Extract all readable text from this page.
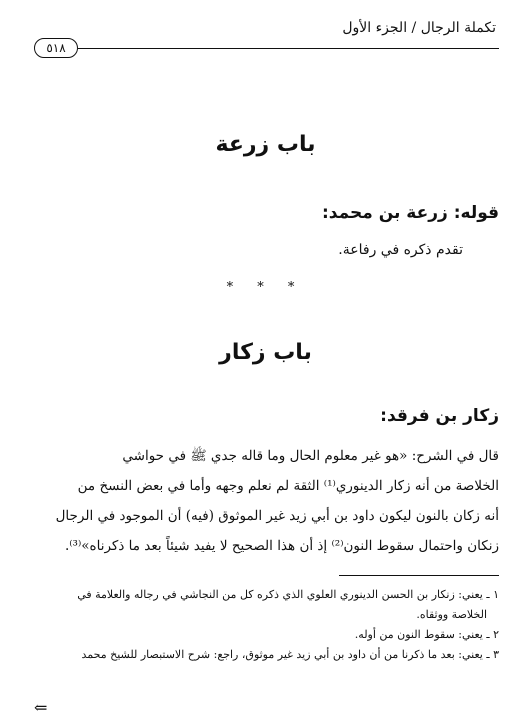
تكملة الرجال / الجزء الأول
٥١٨
باب زرعة
قوله: زرعة بن محمد:
تقدم ذكره في رفاعة.
* * *
باب زكار
زكار بن فرقد:

قال في الشرح: «هو غير معلوم الحال وما قاله جدي ﷺ في حواشي

الخلاصة من أنه زكار الدينوري⁽¹⁾ الثقة لم نعلم وجهه وأما في بعض النسخ من

أنه زكان بالنون ليكون داود بن أبي زيد غير الموثوق (فيه) أن الموجود في الرجال

زنكان واحتمال سقوط النون⁽²⁾ إذ أن هذا الصحيح لا يفيد شيئاً بعد ما ذكرناه»⁽³⁾.

١ ـ يعني: زنكار بن الحسن الدينوري العلوي الذي ذكره كل من النجاشي في رجاله والعلامة في
الخلاصة ووثقاه.
٢ ـ يعني: سقوط النون من أوله.
٣ ـ يعني: بعد ما ذكرنا من أن داود بن أبي زيد غير موثوق، راجع: شرح الاستبصار للشيخ محمد
⇐
